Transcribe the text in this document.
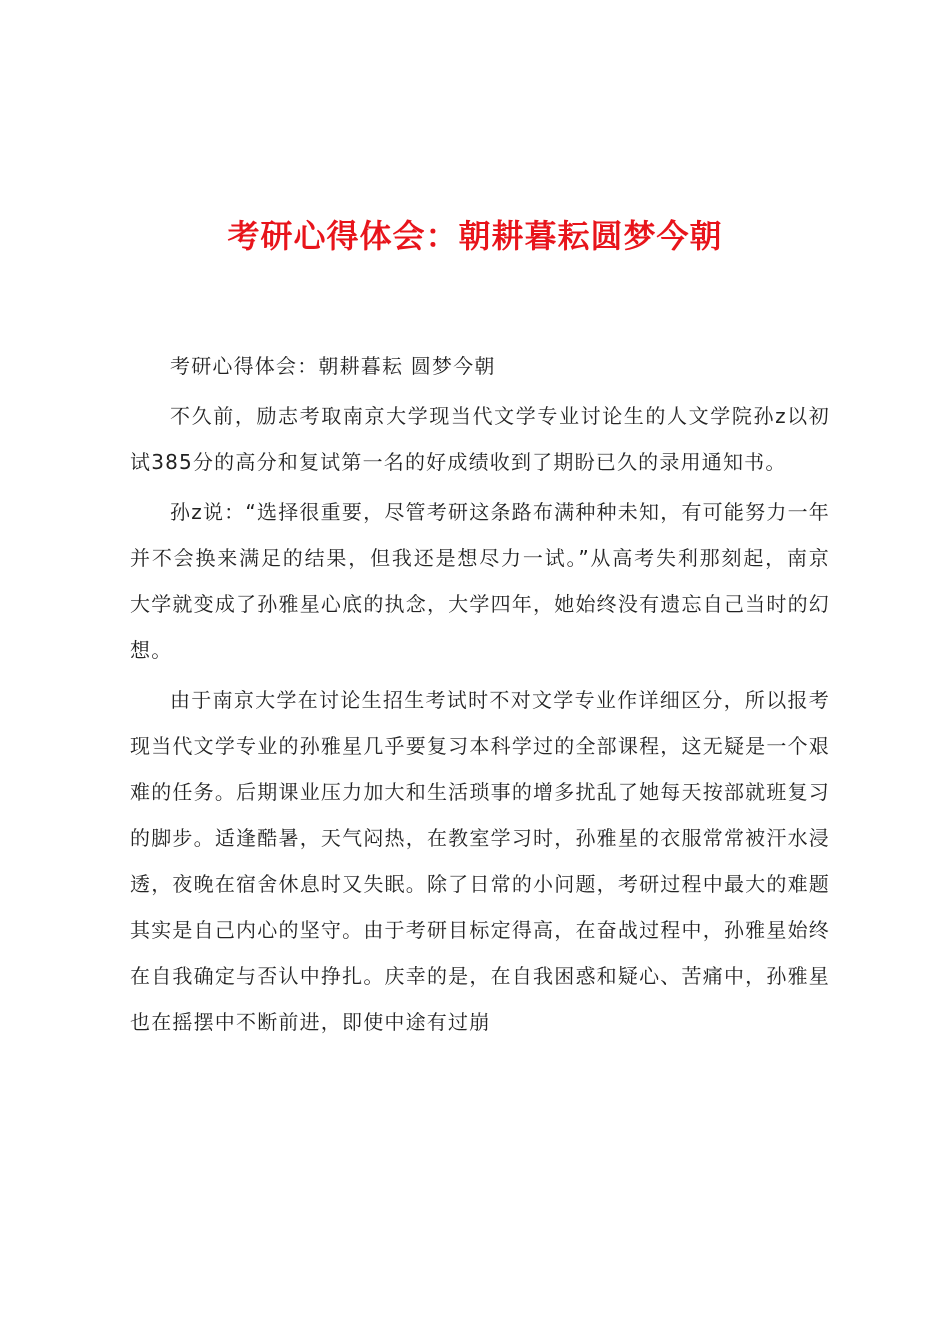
考研心得体会：朝耕暮耘圆梦今朝

考研心得体会：朝耕暮耘 圆梦今朝

不久前，励志考取南京大学现当代文学专业讨论生的人文学院孙z以初试385分的高分和复试第一名的好成绩收到了期盼已久的录用通知书。

孙z说：“选择很重要，尽管考研这条路布满种种未知，有可能努力一年并不会换来满足的结果，但我还是想尽力一试。”从高考失利那刻起，南京大学就变成了孙雅星心底的执念，大学四年，她始终没有遗忘自己当时的幻想。

由于南京大学在讨论生招生考试时不对文学专业作详细区分，所以报考现当代文学专业的孙雅星几乎要复习本科学过的全部课程，这无疑是一个艰难的任务。后期课业压力加大和生活琐事的增多扰乱了她每天按部就班复习的脚步。适逢酷暑，天气闷热，在教室学习时，孙雅星的衣服常常被汗水浸透，夜晚在宿舍休息时又失眠。除了日常的小问题，考研过程中最大的难题其实是自己内心的坚守。由于考研目标定得高，在奋战过程中，孙雅星始终在自我确定与否认中挣扎。庆幸的是，在自我困惑和疑心、苦痛中，孙雅星也在摇摆中不断前进，即使中途有过崩
